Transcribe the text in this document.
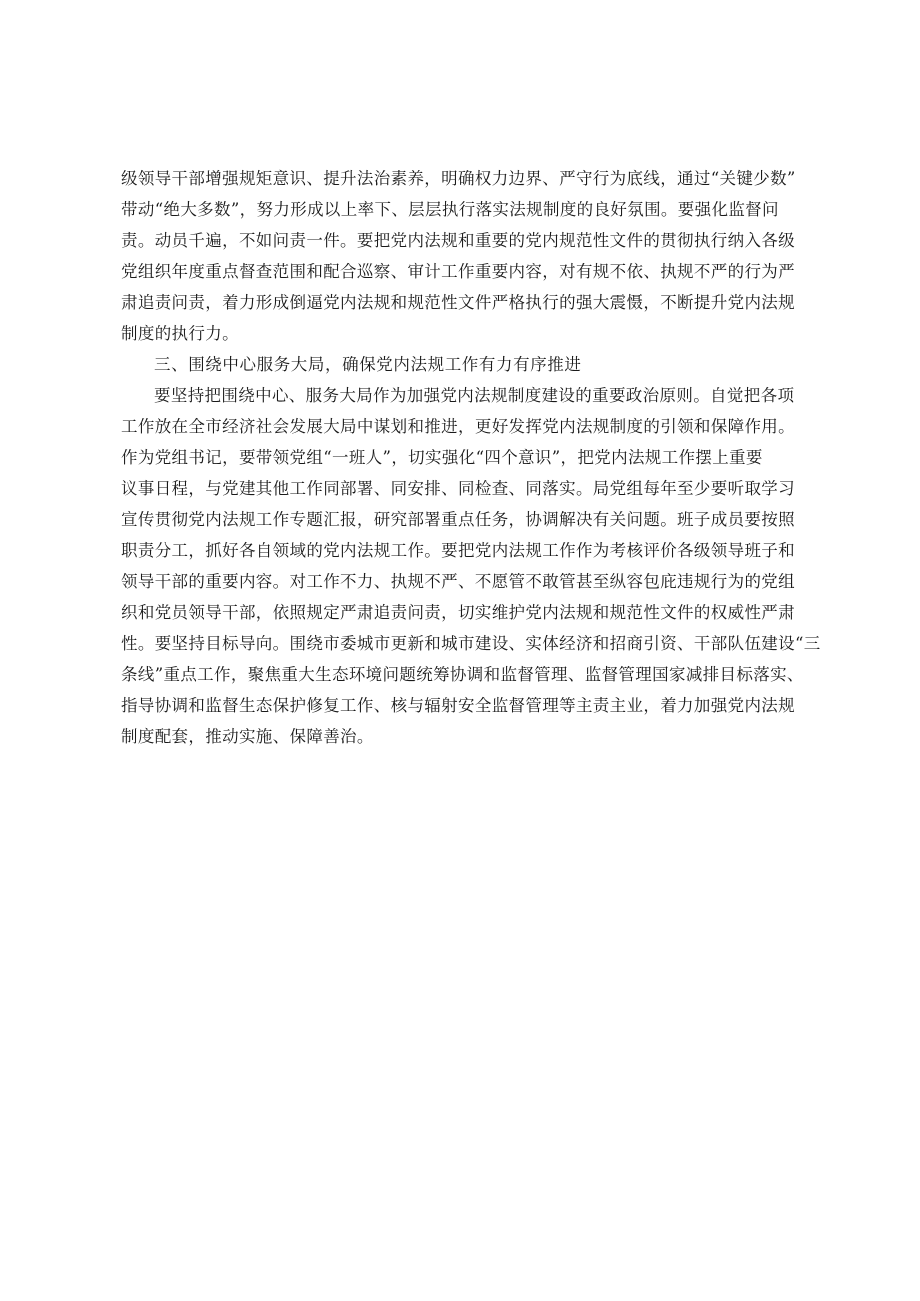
级领导干部增强规矩意识、提升法治素养，明确权力边界、严守行为底线，通过“关键少数”
带动“绝大多数”，努力形成以上率下、层层执行落实法规制度的良好氛围。要强化监督问
责。动员千遍，不如问责一件。要把党内法规和重要的党内规范性文件的贯彻执行纳入各级
党组织年度重点督查范围和配合巡察、审计工作重要内容，对有规不依、执规不严的行为严
肃追责问责，着力形成倒逼党内法规和规范性文件严格执行的强大震慑，不断提升党内法规
制度的执行力。
三、围绕中心服务大局，确保党内法规工作有力有序推进
要坚持把围绕中心、服务大局作为加强党内法规制度建设的重要政治原则。自觉把各项
工作放在全市经济社会发展大局中谋划和推进，更好发挥党内法规制度的引领和保障作用。
作为党组书记，要带领党组“一班人”，切实强化“四个意识”，把党内法规工作摆上重要
议事日程，与党建其他工作同部署、同安排、同检查、同落实。局党组每年至少要听取学习
宣传贯彻党内法规工作专题汇报，研究部署重点任务，协调解决有关问题。班子成员要按照
职责分工，抓好各自领域的党内法规工作。要把党内法规工作作为考核评价各级领导班子和
领导干部的重要内容。对工作不力、执规不严、不愿管不敢管甚至纵容包庇违规行为的党组
织和党员领导干部，依照规定严肃追责问责，切实维护党内法规和规范性文件的权威性严肃
性。要坚持目标导向。围绕市委城市更新和城市建设、实体经济和招商引资、干部队伍建设“三
条线”重点工作，聚焦重大生态环境问题统筹协调和监督管理、监督管理国家减排目标落实、
指导协调和监督生态保护修复工作、核与辐射安全监督管理等主责主业，着力加强党内法规
制度配套，推动实施、保障善治。
